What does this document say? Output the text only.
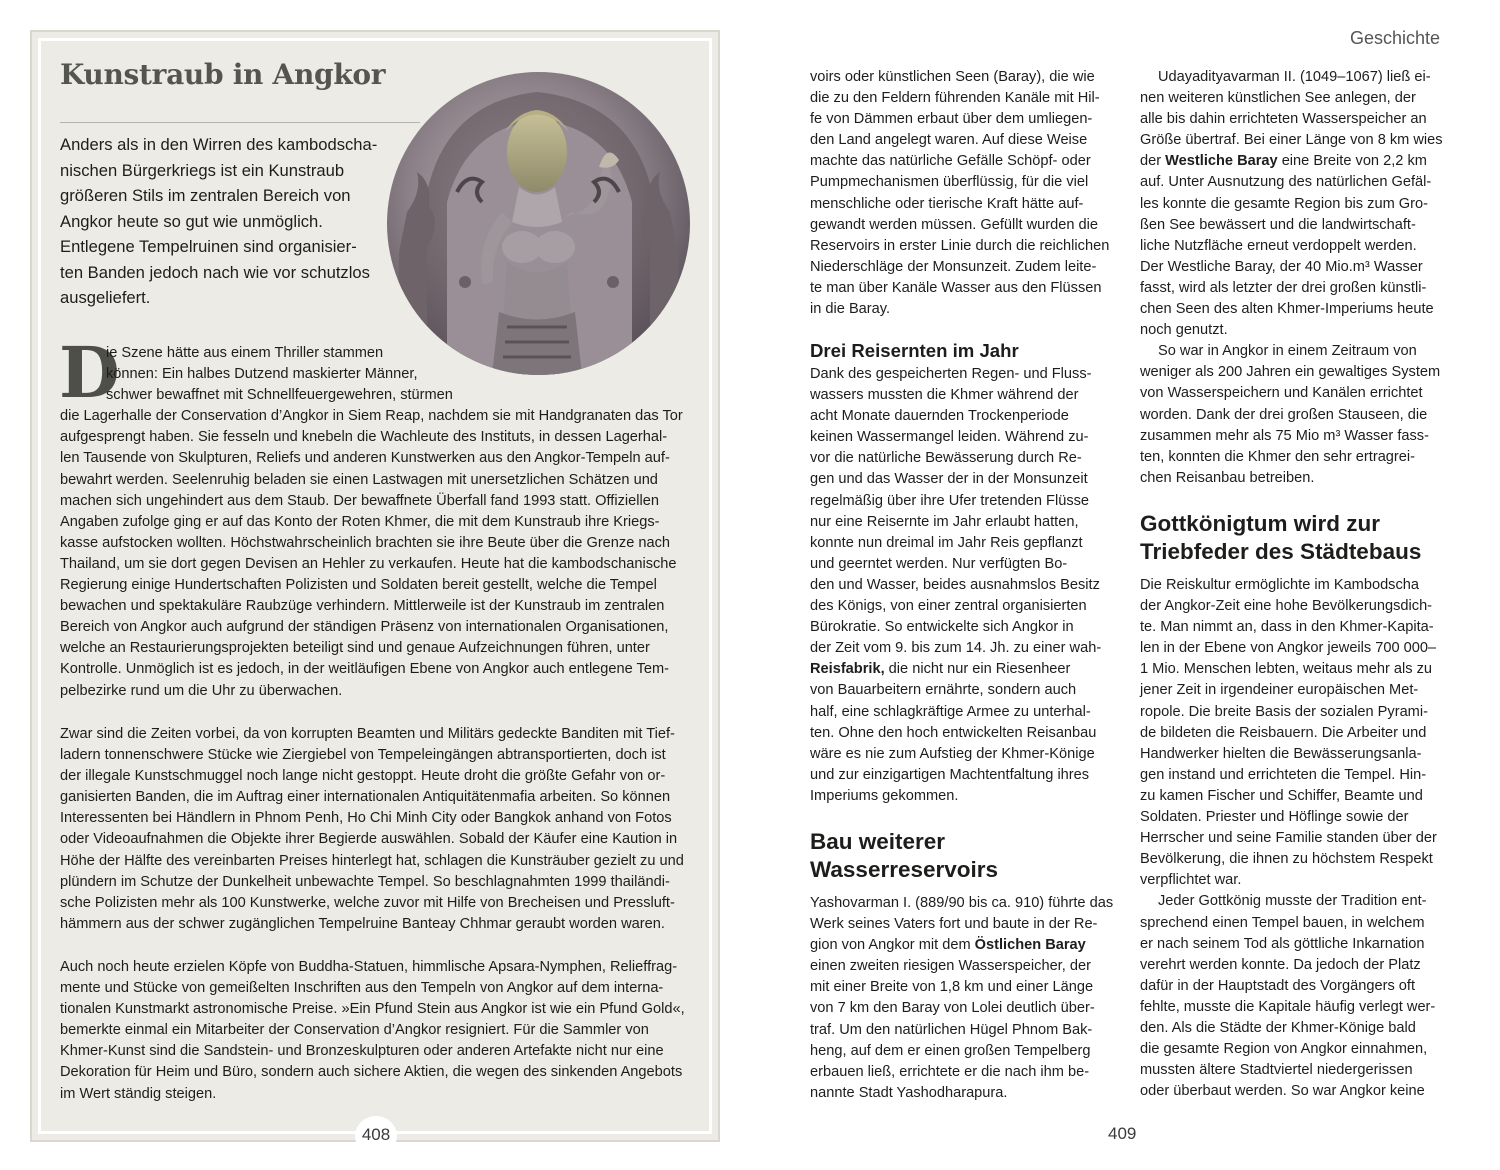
Kunstraub in Angkor
Anders als in den Wirren des kambodscha-
nischen Bürgerkriegs ist ein Kunstraub
größeren Stils im zentralen Bereich von
Angkor heute so gut wie unmöglich.
Entlegene Tempelruinen sind organisier-
ten Banden jedoch nach wie vor schutzlos
ausgeliefert.
D
ie Szene hätte aus einem Thriller stammen
können: Ein halbes Dutzend maskierter Männer,
schwer bewaffnet mit Schnellfeuergewehren, stürmen
die Lagerhalle der Conservation d’Angkor in Siem Reap, nachdem sie mit Handgranaten das Tor
aufgesprengt haben. Sie fesseln und knebeln die Wachleute des Instituts, in dessen Lagerhal-
len Tausende von Skulpturen, Reliefs und anderen Kunstwerken aus den Angkor-Tempeln auf-
bewahrt werden. Seelenruhig beladen sie einen Lastwagen mit unersetzlichen Schätzen und
machen sich ungehindert aus dem Staub. Der bewaffnete Überfall fand 1993 statt. Offiziellen
Angaben zufolge ging er auf das Konto der Roten Khmer, die mit dem Kunstraub ihre Kriegs-
kasse aufstocken wollten. Höchstwahrscheinlich brachten sie ihre Beute über die Grenze nach
Thailand, um sie dort gegen Devisen an Hehler zu verkaufen. Heute hat die kambodschanische
Regierung einige Hundertschaften Polizisten und Soldaten bereit gestellt, welche die Tempel
bewachen und spektakuläre Raubzüge verhindern. Mittlerweile ist der Kunstraub im zentralen
Bereich von Angkor auch aufgrund der ständigen Präsenz von internationalen Organisationen,
welche an Restaurierungsprojekten beteiligt sind und genaue Aufzeichnungen führen, unter
Kontrolle. Unmöglich ist es jedoch, in der weitläufigen Ebene von Angkor auch entlegene Tem-
pelbezirke rund um die Uhr zu überwachen.
Zwar sind die Zeiten vorbei, da von korrupten Beamten und Militärs gedeckte Banditen mit Tief-
ladern tonnenschwere Stücke wie Ziergiebel von Tempeleingängen abtransportierten, doch ist
der illegale Kunstschmuggel noch lange nicht gestoppt. Heute droht die größte Gefahr von or-
ganisierten Banden, die im Auftrag einer internationalen Antiquitätenmafia arbeiten. So können
Interessenten bei Händlern in Phnom Penh, Ho Chi Minh City oder Bangkok anhand von Fotos
oder Videoaufnahmen die Objekte ihrer Begierde auswählen. Sobald der Käufer eine Kaution in
Höhe der Hälfte des vereinbarten Preises hinterlegt hat, schlagen die Kunsträuber gezielt zu und
plündern im Schutze der Dunkelheit unbewachte Tempel. So beschlagnahmten 1999 thailändi-
sche Polizisten mehr als 100 Kunstwerke, welche zuvor mit Hilfe von Brecheisen und Pressluft-
hämmern aus der schwer zugänglichen Tempelruine Banteay Chhmar geraubt worden waren.
Auch noch heute erzielen Köpfe von Buddha-Statuen, himmlische Apsara-Nymphen, Relieffrag-
mente und Stücke von gemeißelten Inschriften aus den Tempeln von Angkor auf dem interna-
tionalen Kunstmarkt astronomische Preise. »Ein Pfund Stein aus Angkor ist wie ein Pfund Gold«,
bemerkte einmal ein Mitarbeiter der Conservation d’Angkor resigniert. Für die Sammler von
Khmer-Kunst sind die Sandstein- und Bronzeskulpturen oder anderen Artefakte nicht nur eine
Dekoration für Heim und Büro, sondern auch sichere Aktien, die wegen des sinkenden Angebots
im Wert ständig steigen.
408
Geschichte
voirs oder künstlichen Seen (Baray), die wie
die zu den Feldern führenden Kanäle mit Hil-
fe von Dämmen erbaut über dem umliegen-
den Land angelegt waren. Auf diese Weise
machte das natürliche Gefälle Schöpf- oder
Pumpmechanismen überflüssig, für die viel
menschliche oder tierische Kraft hätte auf-
gewandt werden müssen. Gefüllt wurden die
Reservoirs in erster Linie durch die reichlichen
Niederschläge der Monsunzeit. Zudem leite-
te man über Kanäle Wasser aus den Flüssen
in die Baray.
Drei Reisernten im Jahr
Dank des gespeicherten Regen- und Fluss-
wassers mussten die Khmer während der
acht Monate dauernden Trockenperiode
keinen Wassermangel leiden. Während zu-
vor die natürliche Bewässerung durch Re-
gen und das Wasser der in der Monsunzeit
regelmäßig über ihre Ufer tretenden Flüsse
nur eine Reisernte im Jahr erlaubt hatten,
konnte nun dreimal im Jahr Reis gepflanzt
und geerntet werden. Nur verfügten Bo-
den und Wasser, beides ausnahmslos Besitz
des Königs, von einer zentral organisierten
Bürokratie. So entwickelte sich Angkor in
der Zeit vom 9. bis zum 14. Jh. zu einer wah-
Reisfabrik, die nicht nur ein Riesenheer
von Bauarbeitern ernährte, sondern auch
half, eine schlagkräftige Armee zu unterhal-
ten. Ohne den hoch entwickelten Reisanbau
wäre es nie zum Aufstieg der Khmer-Könige
und zur einzigartigen Machtentfaltung ihres
Imperiums gekommen.
Bau weiterer
Wasserreservoirs
Yashovarman I. (889/90 bis ca. 910) führte das
Werk seines Vaters fort und baute in der Re-
gion von Angkor mit dem Östlichen Baray
einen zweiten riesigen Wasserspeicher, der
mit einer Breite von 1,8 km und einer Länge
von 7 km den Baray von Lolei deutlich über-
traf. Um den natürlichen Hügel Phnom Bak-
heng, auf dem er einen großen Tempelberg
erbauen ließ, errichtete er die nach ihm be-
nannte Stadt Yashodharapura.
Udayadityavarman II. (1049–1067) ließ ei-
nen weiteren künstlichen See anlegen, der
alle bis dahin errichteten Wasserspeicher an
Größe übertraf. Bei einer Länge von 8 km wies
der Westliche Baray eine Breite von 2,2 km
auf. Unter Ausnutzung des natürlichen Gefäl-
les konnte die gesamte Region bis zum Gro-
ßen See bewässert und die landwirtschaft-
liche Nutzfläche erneut verdoppelt werden.
Der Westliche Baray, der 40 Mio.m³ Wasser
fasst, wird als letzter der drei großen künstli-
chen Seen des alten Khmer-Imperiums heute
noch genutzt.
So war in Angkor in einem Zeitraum von
weniger als 200 Jahren ein gewaltiges System
von Wasserspeichern und Kanälen errichtet
worden. Dank der drei großen Stauseen, die
zusammen mehr als 75 Mio m³ Wasser fass-
ten, konnten die Khmer den sehr ertragrei-
chen Reisanbau betreiben.
Gottkönigtum wird zur
Triebfeder des Städtebaus
Die Reiskultur ermöglichte im Kambodscha
der Angkor-Zeit eine hohe Bevölkerungsdich-
te. Man nimmt an, dass in den Khmer-Kapita-
len in der Ebene von Angkor jeweils 700 000–
1 Mio. Menschen lebten, weitaus mehr als zu
jener Zeit in irgendeiner europäischen Met-
ropole. Die breite Basis der sozialen Pyrami-
de bildeten die Reisbauern. Die Arbeiter und
Handwerker hielten die Bewässerungsanla-
gen instand und errichteten die Tempel. Hin-
zu kamen Fischer und Schiffer, Beamte und
Soldaten. Priester und Höflinge sowie der
Herrscher und seine Familie standen über der
Bevölkerung, die ihnen zu höchstem Respekt
verpflichtet war.
Jeder Gottkönig musste der Tradition ent-
sprechend einen Tempel bauen, in welchem
er nach seinem Tod als göttliche Inkarnation
verehrt werden konnte. Da jedoch der Platz
dafür in der Hauptstadt des Vorgängers oft
fehlte, musste die Kapitale häufig verlegt wer-
den. Als die Städte der Khmer-Könige bald
die gesamte Region von Angkor einnahmen,
mussten ältere Stadtviertel niedergerissen
oder überbaut werden. So war Angkor keine
409
